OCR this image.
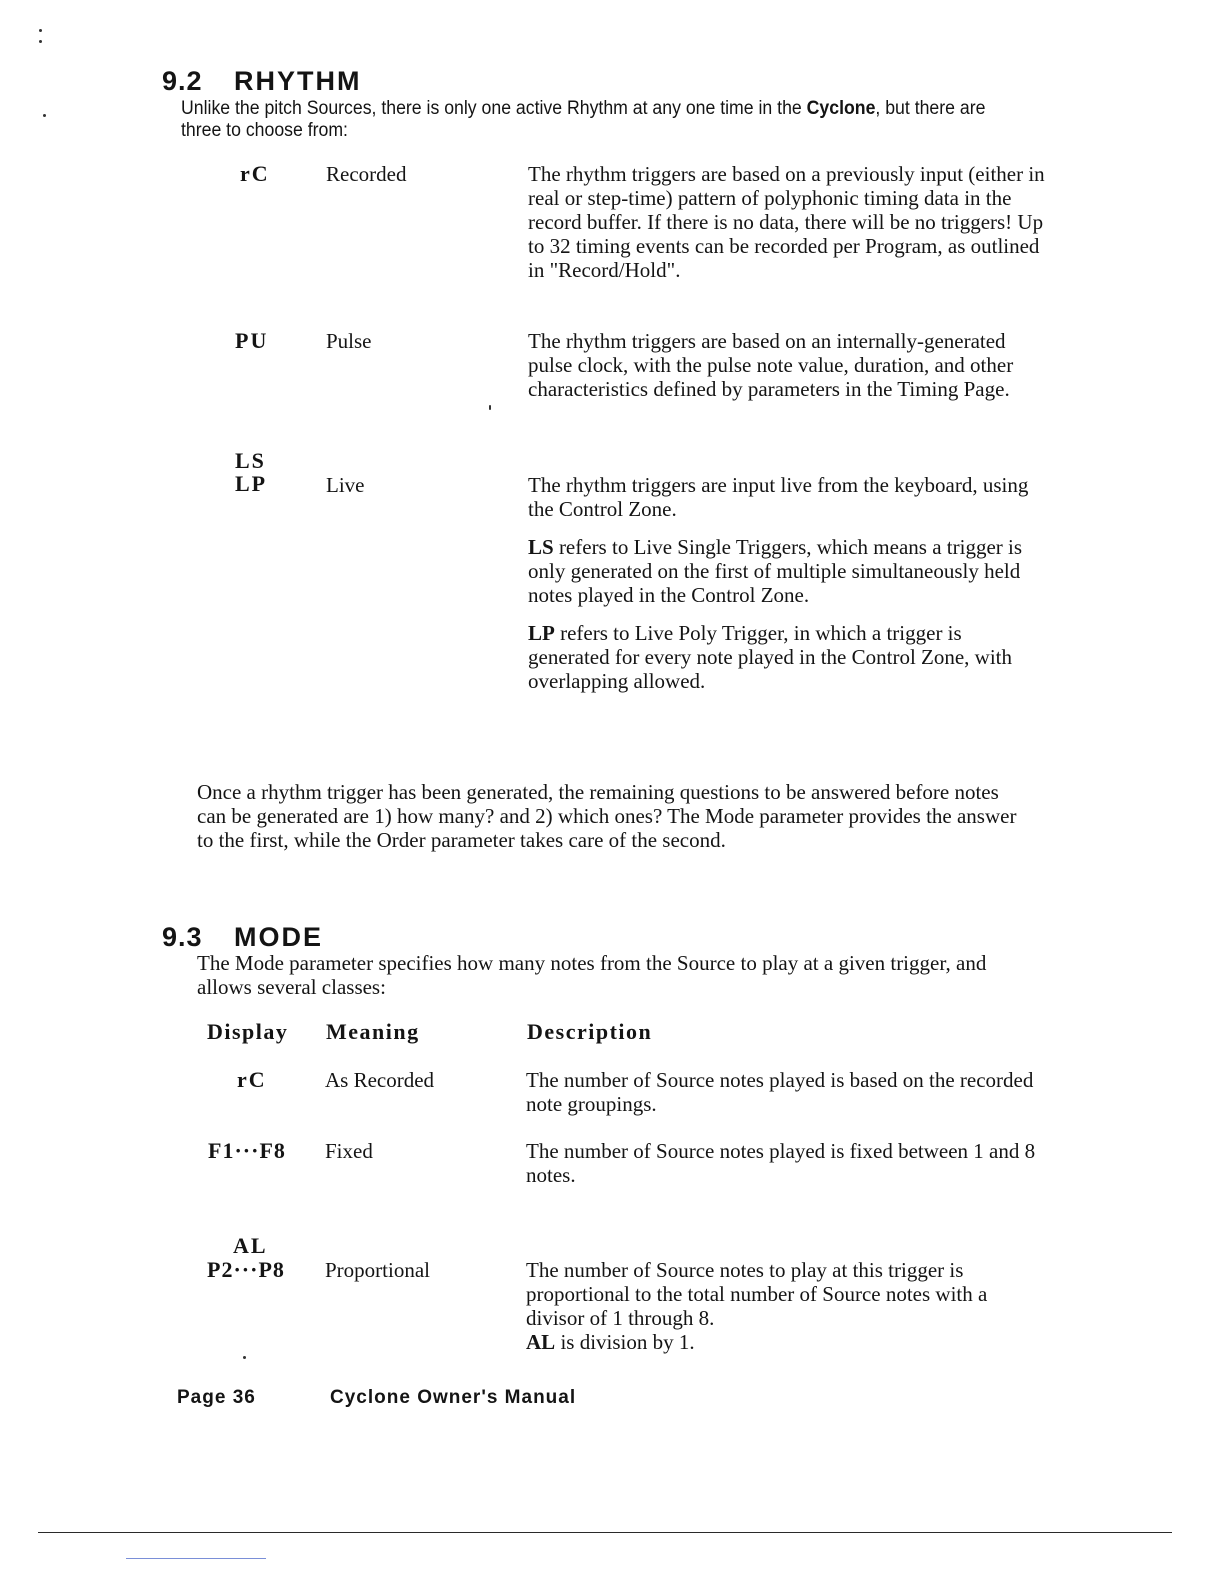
9.2 RHYTHM
Unlike the pitch Sources, there is only one active Rhythm at any one time in the Cyclone, but there are three to choose from:
rC	Recorded	The rhythm triggers are based on a previously input (either in real or step-time) pattern of polyphonic timing data in the record buffer. If there is no data, there will be no triggers! Up to 32 timing events can be recorded per Program, as outlined in "Record/Hold".
PU	Pulse	The rhythm triggers are based on an internally-generated pulse clock, with the pulse note value, duration, and other characteristics defined by parameters in the Timing Page.
LS
LP	Live	The rhythm triggers are input live from the keyboard, using the Control Zone.

LS refers to Live Single Triggers, which means a trigger is only generated on the first of multiple simultaneously held notes played in the Control Zone.

LP refers to Live Poly Trigger, in which a trigger is generated for every note played in the Control Zone, with overlapping allowed.

Once a rhythm trigger has been generated, the remaining questions to be answered before notes can be generated are 1) how many? and 2) which ones? The Mode parameter provides the answer to the first, while the Order parameter takes care of the second.
9.3 MODE
The Mode parameter specifies how many notes from the Source to play at a given trigger, and allows several classes:
Display Meaning	Description
rC	As Recorded	The number of Source notes played is based on the recorded note groupings.
F1···F8 Fixed	The number of Source notes played is fixed between 1 and 8 notes.
AL
P2···P8 Proportional	The number of Source notes to play at this trigger is proportional to the total number of Source notes with a divisor of 1 through 8.
AL is division by 1.
Page 36	Cyclone Owner's Manual
